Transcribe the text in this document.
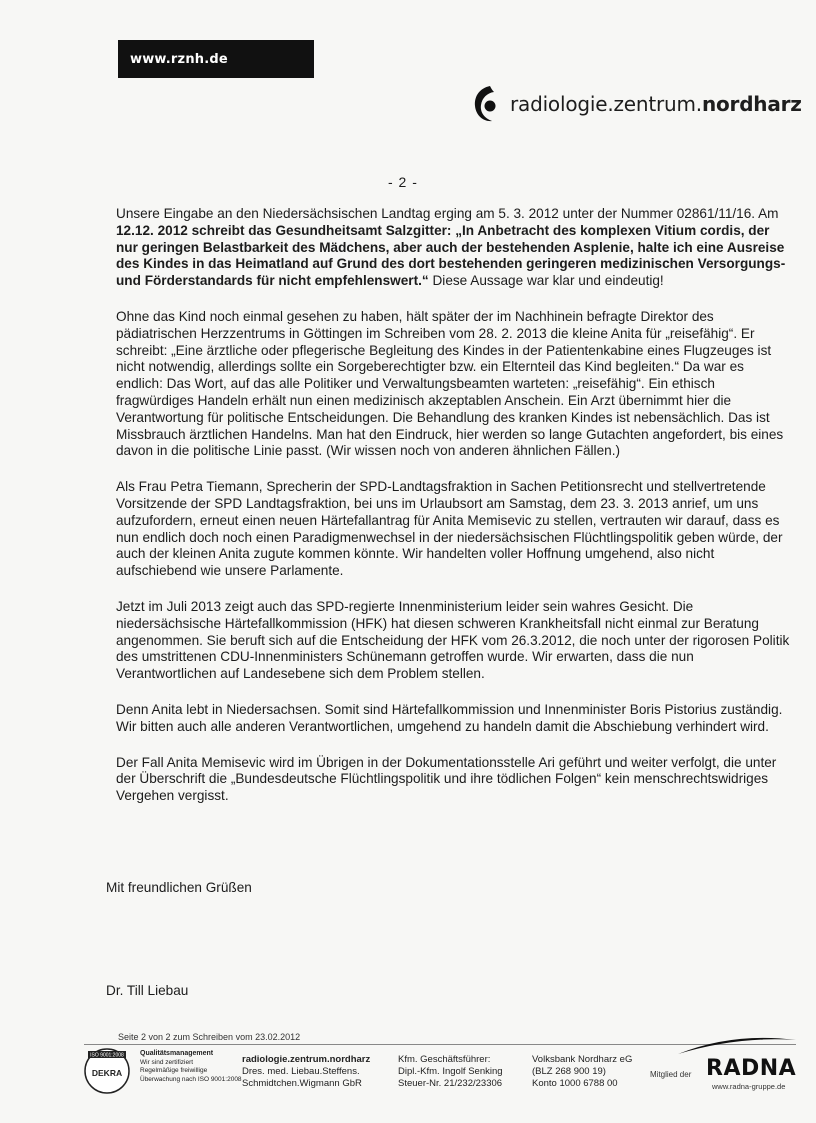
www.rznh.de
radiologie.zentrum.nordharz
- 2 -

Unsere Eingabe an den Niedersächsischen Landtag erging am 5. 3. 2012 unter der Nummer 02861/11/16. Am 12.12. 2012 schreibt das Gesundheitsamt Salzgitter: „In Anbetracht des komplexen Vitium cordis, der nur geringen Belastbarkeit des Mädchens, aber auch der bestehenden Asplenie, halte ich eine Ausreise des Kindes in das Heimatland auf Grund des dort bestehenden geringeren medizinischen Versorgungs- und Förderstandards für nicht empfehlenswert.“ Diese Aussage war klar und eindeutig!

Ohne das Kind noch einmal gesehen zu haben, hält später der im Nachhinein befragte Direktor des pädiatrischen Herzzentrums in Göttingen im Schreiben vom 28. 2. 2013 die kleine Anita für „reisefähig“. Er schreibt: „Eine ärztliche oder pflegerische Begleitung des Kindes in der Patientenkabine eines Flugzeuges ist nicht notwendig, allerdings sollte ein Sorgeberechtigter bzw. ein Elternteil das Kind begleiten.“ Da war es endlich: Das Wort, auf das alle Politiker und Verwaltungsbeamten warteten: „reisefähig“. Ein ethisch fragwürdiges Handeln erhält nun einen medizinisch akzeptablen Anschein. Ein Arzt übernimmt hier die Verantwortung für politische Entscheidungen. Die Behandlung des kranken Kindes ist nebensächlich. Das ist Missbrauch ärztlichen Handelns. Man hat den Eindruck, hier werden so lange Gutachten angefordert, bis eines davon in die politische Linie passt. (Wir wissen noch von anderen ähnlichen Fällen.)

Als Frau Petra Tiemann, Sprecherin der SPD-Landtagsfraktion in Sachen Petitionsrecht und stellvertretende Vorsitzende der SPD Landtagsfraktion, bei uns im Urlaubsort am Samstag, dem 23. 3. 2013 anrief, um uns aufzufordern, erneut einen neuen Härtefallantrag für Anita Memisevic zu stellen, vertrauten wir darauf, dass es nun endlich doch noch einen Paradigmenwechsel in der niedersächsischen Flüchtlingspolitik geben würde, der auch der kleinen Anita zugute kommen könnte. Wir handelten voller Hoffnung umgehend, also nicht aufschiebend wie unsere Parlamente.

Jetzt im Juli 2013 zeigt auch das SPD-regierte Innenministerium leider sein wahres Gesicht. Die niedersächsische Härtefallkommission (HFK) hat diesen schweren Krankheitsfall nicht einmal zur Beratung angenommen. Sie beruft sich auf die Entscheidung der HFK vom 26.3.2012, die noch unter der rigorosen Politik des umstrittenen CDU-Innenministers Schünemann getroffen wurde. Wir erwarten, dass die nun Verantwortlichen auf Landesebene sich dem Problem stellen.

Denn Anita lebt in Niedersachsen. Somit sind Härtefallkommission und Innenminister Boris Pistorius zuständig. Wir bitten auch alle anderen Verantwortlichen, umgehend zu handeln damit die Abschiebung verhindert wird.

Der Fall Anita Memisevic wird im Übrigen in der Dokumentationsstelle Ari geführt und weiter verfolgt, die unter der Überschrift die „Bundesdeutsche Flüchtlingspolitik und ihre tödlichen Folgen“ kein menschrechtswidriges Vergehen vergisst.

Mit freundlichen Grüßen
Dr. Till Liebau
Seite 2 von 2 zum Schreiben vom 23.02.2012
ISO 9001:2008
DEKRA
Qualitätsmanagement
Wir sind zertifiziert
Regelmäßige freiwillige
Überwachung nach ISO 9001:2008
radiologie.zentrum.nordharz
Dres. med. Liebau.Steffens.
Schmidtchen.Wigmann GbR
Kfm. Geschäftsführer:
Dipl.-Kfm. Ingolf Senking
Steuer-Nr. 21/232/23306
Volksbank Nordharz eG
(BLZ 268 900 19)
Konto 1000 6788 00
Mitglied der RADNA
www.radna-gruppe.de
